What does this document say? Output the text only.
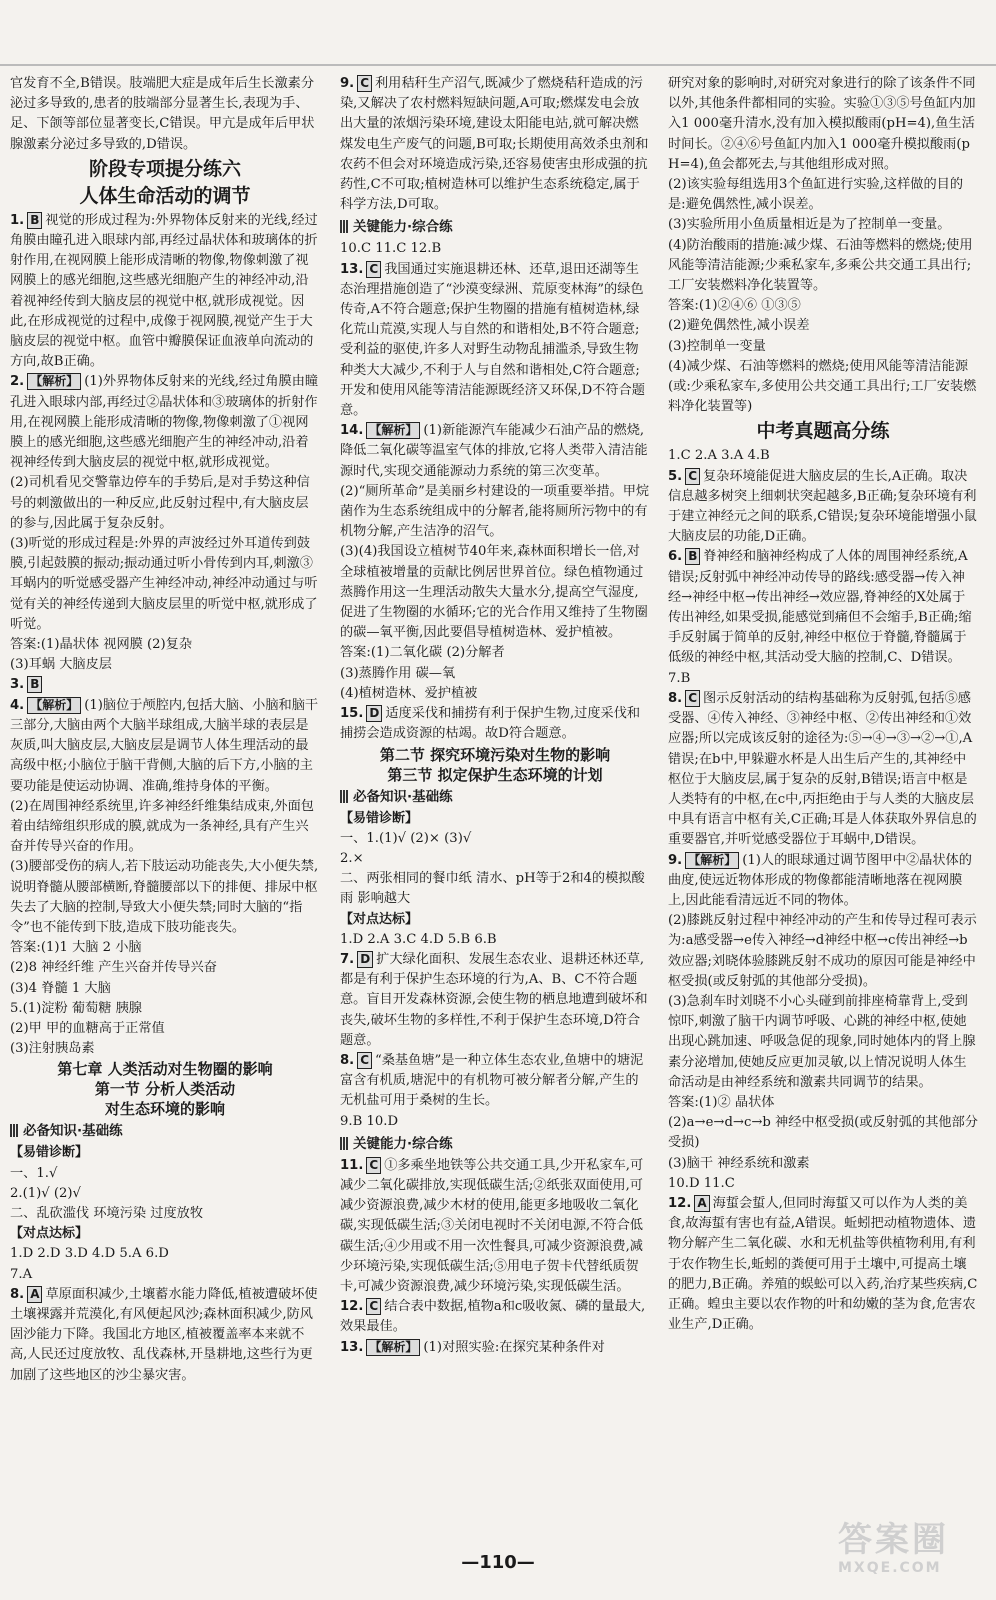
官发育不全,B错误。肢端肥大症是成年后生长激素分泌过多导致的,患者的肢端部分显著生长,表现为手、足、下颌等部位显著变长,C错误。甲亢是成年后甲状腺激素分泌过多导致的,D错误。
阶段专项提分练六
人体生命活动的调节
1. B 视觉的形成过程为:外界物体反射来的光线,经过角膜由瞳孔进入眼球内部,再经过晶状体和玻璃体的折射作用,在视网膜上能形成清晰的物像,物像刺激了视网膜上的感光细胞,这些感光细胞产生的神经冲动,沿着视神经传到大脑皮层的视觉中枢,就形成视觉。因此,在形成视觉的过程中,成像于视网膜,视觉产生于大脑皮层的视觉中枢。血管中瓣膜保证血液单向流动的方向,故B正确。
2. 【解析】 (1)外界物体反射来的光线,经过角膜由瞳孔进入眼球内部,再经过②晶状体和③玻璃体的折射作用,在视网膜上能形成清晰的物像,物像刺激了①视网膜上的感光细胞,这些感光细胞产生的神经冲动,沿着视神经传到大脑皮层的视觉中枢,就形成视觉。
(2)司机看见交警靠边停车的手势后,是对手势这种信号的刺激做出的一种反应,此反射过程中,有大脑皮层的参与,因此属于复杂反射。
(3)听觉的形成过程是:外界的声波经过外耳道传到鼓膜,引起鼓膜的振动;振动通过听小骨传到内耳,刺激③耳蜗内的听觉感受器产生神经冲动,神经冲动通过与听觉有关的神经传递到大脑皮层里的听觉中枢,就形成了听觉。
答案:(1)晶状体 视网膜 (2)复杂
(3)耳蜗 大脑皮层
3. B
4. 【解析】 (1)脑位于颅腔内,包括大脑、小脑和脑干三部分,大脑由两个大脑半球组成,大脑半球的表层是灰质,叫大脑皮层,大脑皮层是调节人体生理活动的最高级中枢;小脑位于脑干背侧,大脑的后下方,小脑的主要功能是使运动协调、准确,维持身体的平衡。
(2)在周围神经系统里,许多神经纤维集结成束,外面包着由结缔组织形成的膜,就成为一条神经,具有产生兴奋并传导兴奋的作用。
(3)腰部受伤的病人,若下肢运动功能丧失,大小便失禁,说明脊髓从腰部横断,脊髓腰部以下的排便、排尿中枢失去了大脑的控制,导致大小便失禁;同时大脑的“指令”也不能传到下肢,造成下肢功能丧失。
答案:(1)1 大脑 2 小脑
(2)8 神经纤维 产生兴奋并传导兴奋
(3)4 脊髓 1 大脑
5.(1)淀粉 葡萄糖 胰腺
(2)甲 甲的血糖高于正常值
(3)注射胰岛素
第七章 人类活动对生物圈的影响
第一节 分析人类活动
对生态环境的影响
必备知识·基础练
【易错诊断】
一、1.√
2.(1)√ (2)√
二、乱砍滥伐 环境污染 过度放牧
【对点达标】
1.D 2.D 3.D 4.D 5.A 6.D
7.A
8. A 草原面积减少,土壤蓄水能力降低,植被遭破坏使土壤裸露并荒漠化,有风便起风沙;森林面积减少,防风固沙能力下降。我国北方地区,植被覆盖率本来就不高,人民还过度放牧、乱伐森林,开垦耕地,这些行为更加剧了这些地区的沙尘暴灾害。
9. C 利用秸秆生产沼气,既减少了燃烧秸秆造成的污染,又解决了农村燃料短缺问题,A可取;燃煤发电会放出大量的浓烟污染环境,建设太阳能电站,就可解决燃煤发电生产废气的问题,B可取;长期使用高效杀虫剂和农药不但会对环境造成污染,还容易使害虫形成强的抗药性,C不可取;植树造林可以维护生态系统稳定,属于科学方法,D可取。
关键能力·综合练
10.C 11.C 12.B
13. C 我国通过实施退耕还林、还草,退田还湖等生态治理措施创造了“沙漠变绿洲、荒原变林海”的绿色传奇,A不符合题意;保护生物圈的措施有植树造林,绿化荒山荒漠,实现人与自然的和谐相处,B不符合题意;受利益的驱使,许多人对野生动物乱捕滥杀,导致生物种类大大减少,不利于人与自然和谐相处,C符合题意;开发和使用风能等清洁能源既经济又环保,D不符合题意。
14. 【解析】 (1)新能源汽车能减少石油产品的燃烧,降低二氧化碳等温室气体的排放,它将人类带入清洁能源时代,实现交通能源动力系统的第三次变革。
(2)“厕所革命”是美丽乡村建设的一项重要举措。甲烷菌作为生态系统组成中的分解者,能将厕所污物中的有机物分解,产生洁净的沼气。
(3)(4)我国设立植树节40年来,森林面积增长一倍,对全球植被增量的贡献比例居世界首位。绿色植物通过蒸腾作用这一生理活动散失大量水分,提高空气湿度,促进了生物圈的水循环;它的光合作用又维持了生物圈的碳—氧平衡,因此要倡导植树造林、爱护植被。
答案:(1)二氧化碳 (2)分解者
(3)蒸腾作用 碳—氧
(4)植树造林、爱护植被
15. D 适度采伐和捕捞有利于保护生物,过度采伐和捕捞会造成资源的枯竭。故D符合题意。
第二节 探究环境污染对生物的影响
第三节 拟定保护生态环境的计划
必备知识·基础练
【易错诊断】
一、1.(1)√ (2)× (3)√
2.×
二、两张相同的餐巾纸 清水、pH等于2和4的模拟酸雨 影响越大
【对点达标】
1.D 2.A 3.C 4.D 5.B 6.B
7. D 扩大绿化面积、发展生态农业、退耕还林还草,都是有利于保护生态环境的行为,A、B、C不符合题意。盲目开发森林资源,会使生物的栖息地遭到破坏和丧失,破坏生物的多样性,不利于保护生态环境,D符合题意。
8. C “桑基鱼塘”是一种立体生态农业,鱼塘中的塘泥富含有机质,塘泥中的有机物可被分解者分解,产生的无机盐可用于桑树的生长。
9.B 10.D
关键能力·综合练
11. C ①多乘坐地铁等公共交通工具,少开私家车,可减少二氧化碳排放,实现低碳生活;②纸张双面使用,可减少资源浪费,减少木材的使用,能更多地吸收二氧化碳,实现低碳生活;③关闭电视时不关闭电源,不符合低碳生活;④少用或不用一次性餐具,可减少资源浪费,减少环境污染,实现低碳生活;⑤用电子贺卡代替纸质贺卡,可减少资源浪费,减少环境污染,实现低碳生活。
12. C 结合表中数据,植物a和c吸收氮、磷的量最大,效果最佳。
13. 【解析】 (1)对照实验:在探究某种条件对
研究对象的影响时,对研究对象进行的除了该条件不同以外,其他条件都相同的实验。实验①③⑤号鱼缸内加入1 000毫升清水,没有加入模拟酸雨(pH=4),鱼生活时间长。②④⑥号鱼缸内加入1 000毫升模拟酸雨(pH=4),鱼会都死去,与其他组形成对照。
(2)该实验每组选用3个鱼缸进行实验,这样做的目的是:避免偶然性,减小误差。
(3)实验所用小鱼质量相近是为了控制单一变量。
(4)防治酸雨的措施:减少煤、石油等燃料的燃烧;使用风能等清洁能源;少乘私家车,多乘公共交通工具出行;工厂安装燃料净化装置等。
答案:(1)②④⑥ ①③⑤
(2)避免偶然性,减小误差
(3)控制单一变量
(4)减少煤、石油等燃料的燃烧;使用风能等清洁能源(或:少乘私家车,多使用公共交通工具出行;工厂安装燃料净化装置等)
中考真题高分练
1.C 2.A 3.A 4.B
5. C 复杂环境能促进大脑皮层的生长,A正确。取决信息越多树突上细刺状突起越多,B正确;复杂环境有利于建立神经元之间的联系,C错误;复杂环境能增强小鼠大脑皮层的功能,D正确。
6. B 脊神经和脑神经构成了人体的周围神经系统,A错误;反射弧中神经冲动传导的路线:感受器→传入神经→神经中枢→传出神经→效应器,脊神经的X处属于传出神经,如果受损,能感觉到痛但不会缩手,B正确;缩手反射属于简单的反射,神经中枢位于脊髓,脊髓属于低级的神经中枢,其活动受大脑的控制,C、D错误。
7.B
8. C 图示反射活动的结构基础称为反射弧,包括⑤感受器、④传入神经、③神经中枢、②传出神经和①效应器;所以完成该反射的途径为:⑤→④→③→②→①,A错误;在b中,甲躲避水杯是人出生后产生的,其神经中枢位于大脑皮层,属于复杂的反射,B错误;语言中枢是人类特有的中枢,在c中,丙拒绝由于与人类的大脑皮层中具有语言中枢有关,C正确;耳是人体获取外界信息的重要器官,并听觉感受器位于耳蜗中,D错误。
9. 【解析】 (1)人的眼球通过调节图甲中②晶状体的曲度,使远近物体形成的物像都能清晰地落在视网膜上,因此能看清远近不同的物体。
(2)膝跳反射过程中神经冲动的产生和传导过程可表示为:a感受器→e传入神经→d神经中枢→c传出神经→b效应器;刘晓体验膝跳反射不成功的原因可能是神经中枢受损(或反射弧的其他部分受损)。
(3)急刹车时刘晓不小心头碰到前排座椅靠背上,受到惊吓,刺激了脑干内调节呼吸、心跳的神经中枢,使她出现心跳加速、呼吸急促的现象,同时她体内的肾上腺素分泌增加,使她反应更加灵敏,以上情况说明人体生命活动是由神经系统和激素共同调节的结果。
答案:(1)② 晶状体
(2)a→e→d→c→b 神经中枢受损(或反射弧的其他部分受损)
(3)脑干 神经系统和激素
10.D 11.C
12. A 海蜇会蜇人,但同时海蜇又可以作为人类的美食,故海蜇有害也有益,A错误。蚯蚓把动植物遗体、遗物分解产生二氧化碳、水和无机盐等供植物利用,有利于农作物生长,蚯蚓的粪便可用于土壤中,可提高土壤的肥力,B正确。养殖的蜈蚣可以入药,治疗某些疾病,C正确。蝗虫主要以农作物的叶和幼嫩的茎为食,危害农业生产,D正确。
—110—
答案圈
MXQE.COM
